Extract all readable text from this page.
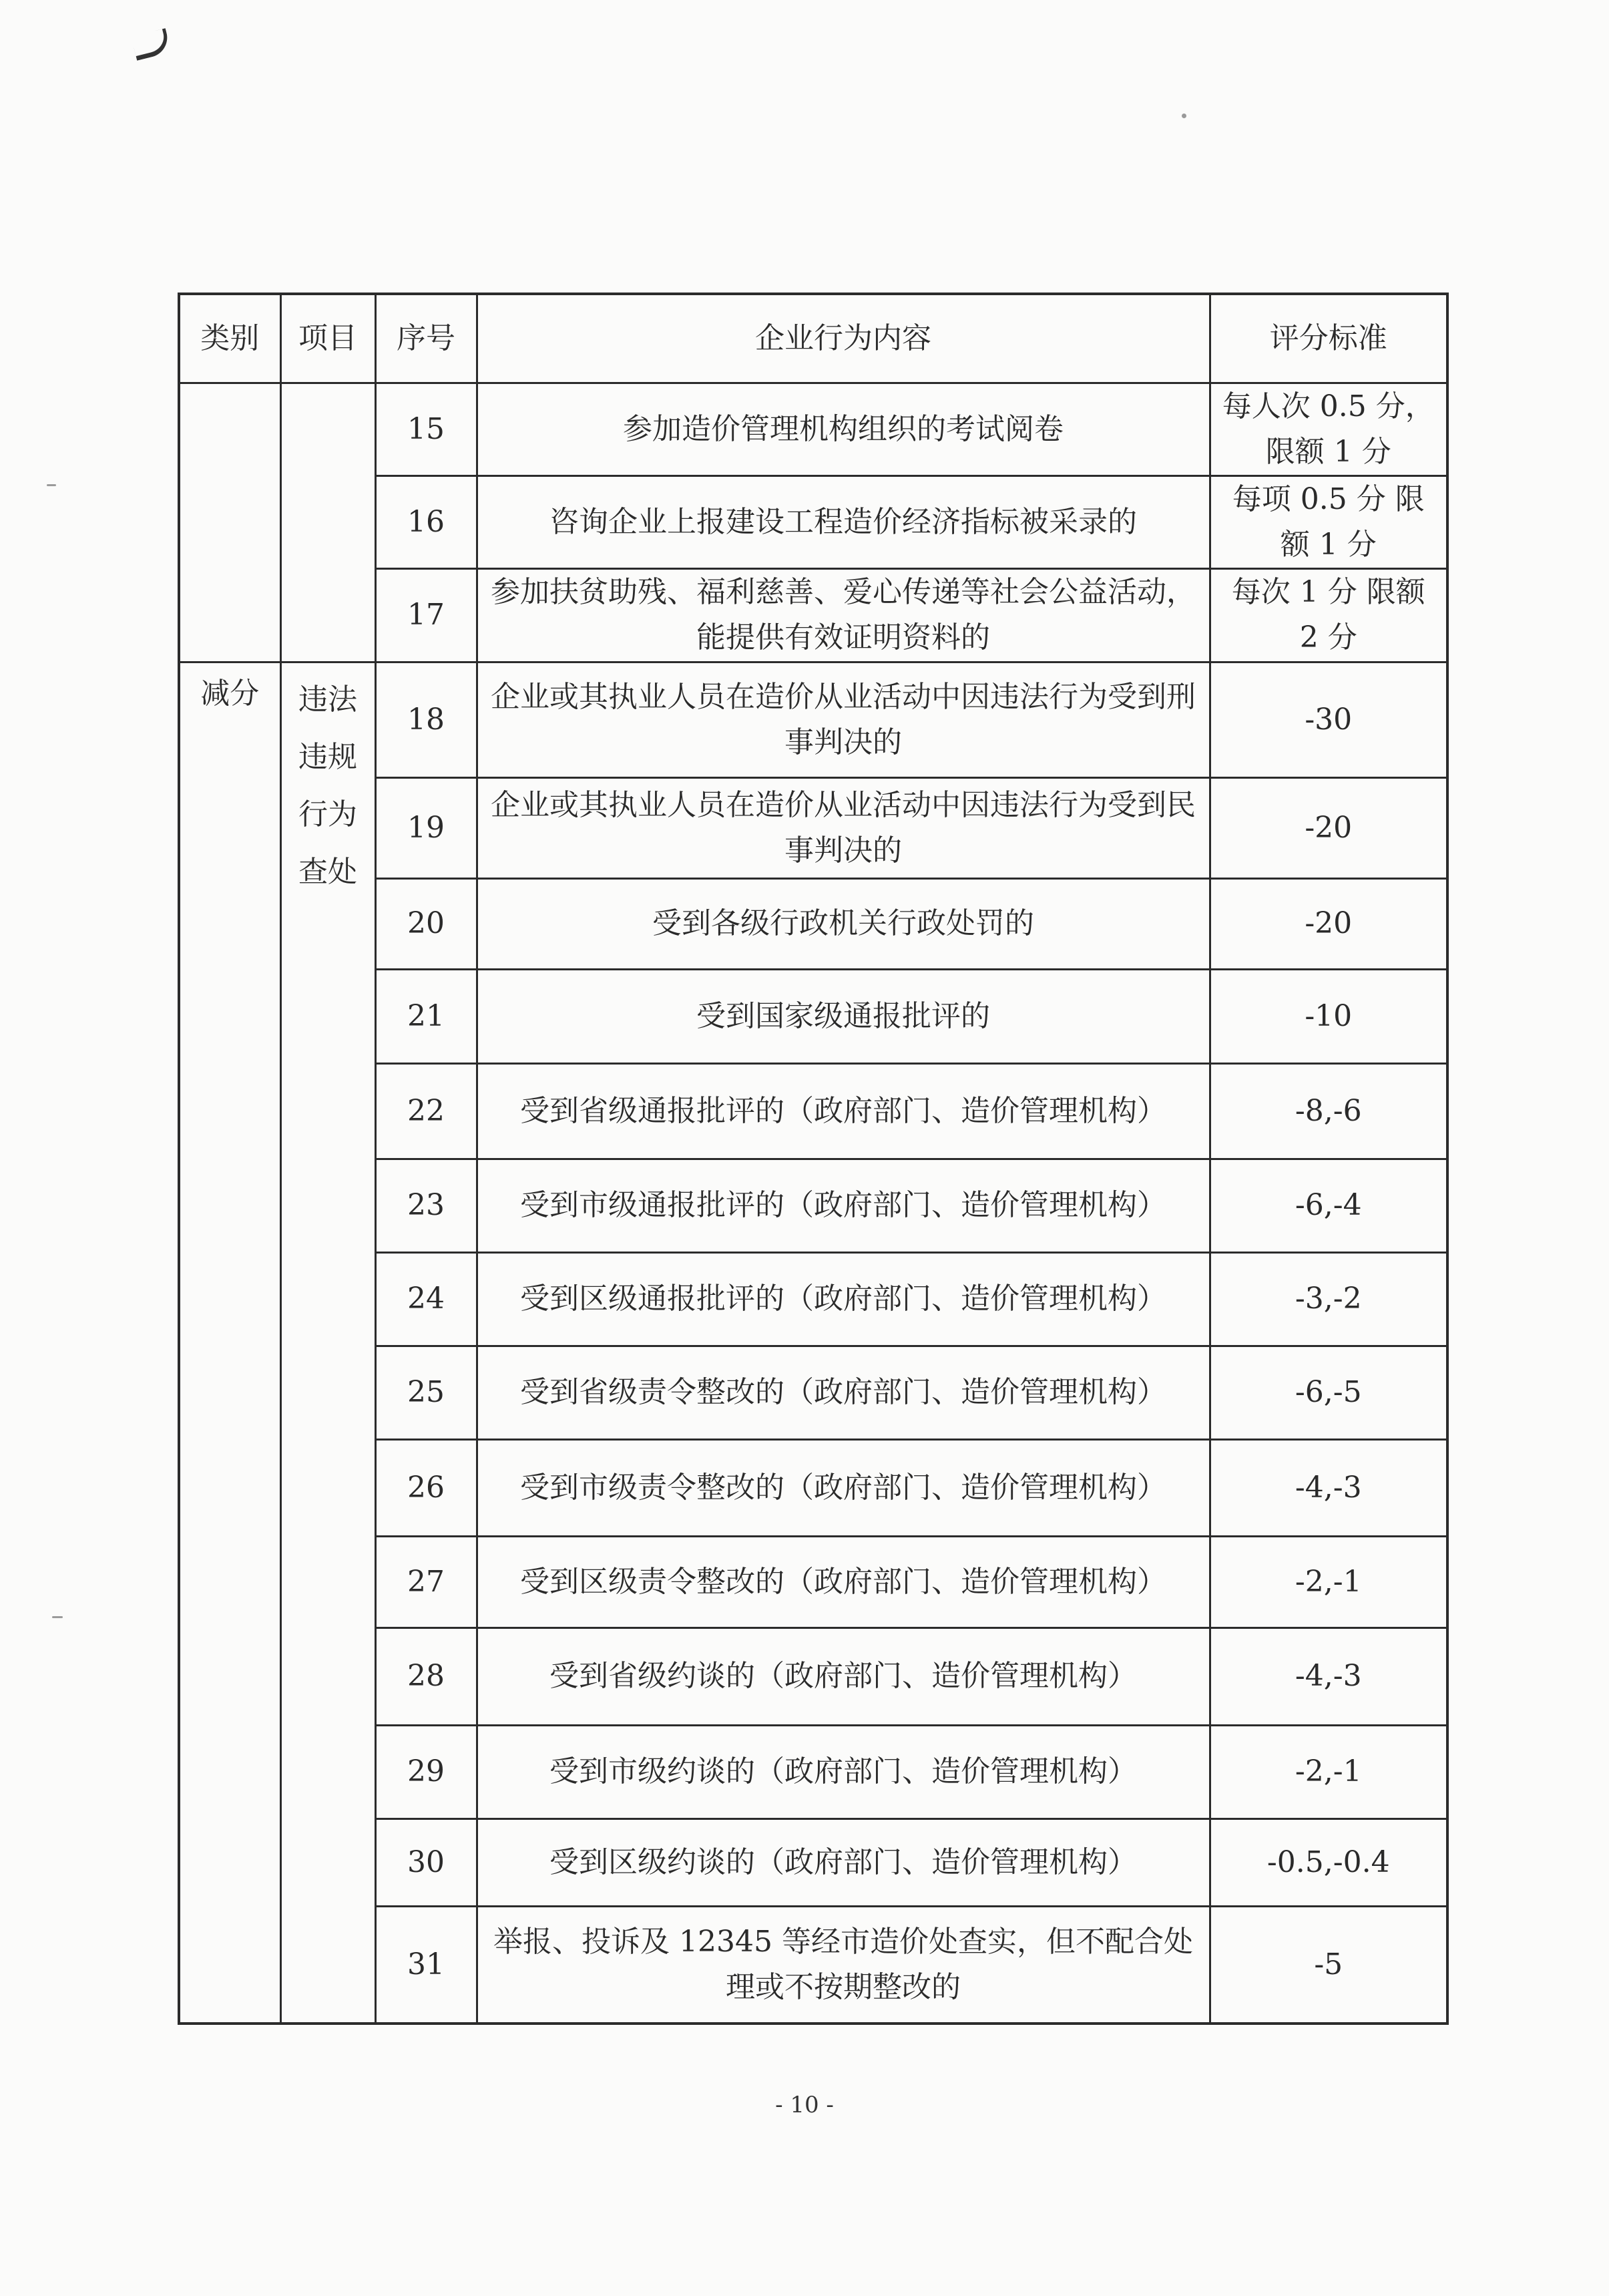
类别	项目	序号	企业行为内容	评分标准
		15	参加造价管理机构组织的考试阅卷	每人次 0.5 分，限额 1 分
		16	咨询企业上报建设工程造价经济指标被采录的	每项 0.5 分 限额 1 分
		17	参加扶贫助残、福利慈善、爱心传递等社会公益活动，能提供有效证明资料的	每次 1 分 限额 2 分
减分	违法违规行为查处	18	企业或其执业人员在造价从业活动中因违法行为受到刑事判决的	-30
		19	企业或其执业人员在造价从业活动中因违法行为受到民事判决的	-20
		20	受到各级行政机关行政处罚的	-20
		21	受到国家级通报批评的	-10
		22	受到省级通报批评的（政府部门、造价管理机构）	-8,-6
		23	受到市级通报批评的（政府部门、造价管理机构）	-6,-4
		24	受到区级通报批评的（政府部门、造价管理机构）	-3,-2
		25	受到省级责令整改的（政府部门、造价管理机构）	-6,-5
		26	受到市级责令整改的（政府部门、造价管理机构）	-4,-3
		27	受到区级责令整改的（政府部门、造价管理机构）	-2,-1
		28	受到省级约谈的（政府部门、造价管理机构）	-4,-3
		29	受到市级约谈的（政府部门、造价管理机构）	-2,-1
		30	受到区级约谈的（政府部门、造价管理机构）	-0.5,-0.4
		31	举报、投诉及 12345 等经市造价处查实，但不配合处理或不按期整改的	-5
- 10 -
